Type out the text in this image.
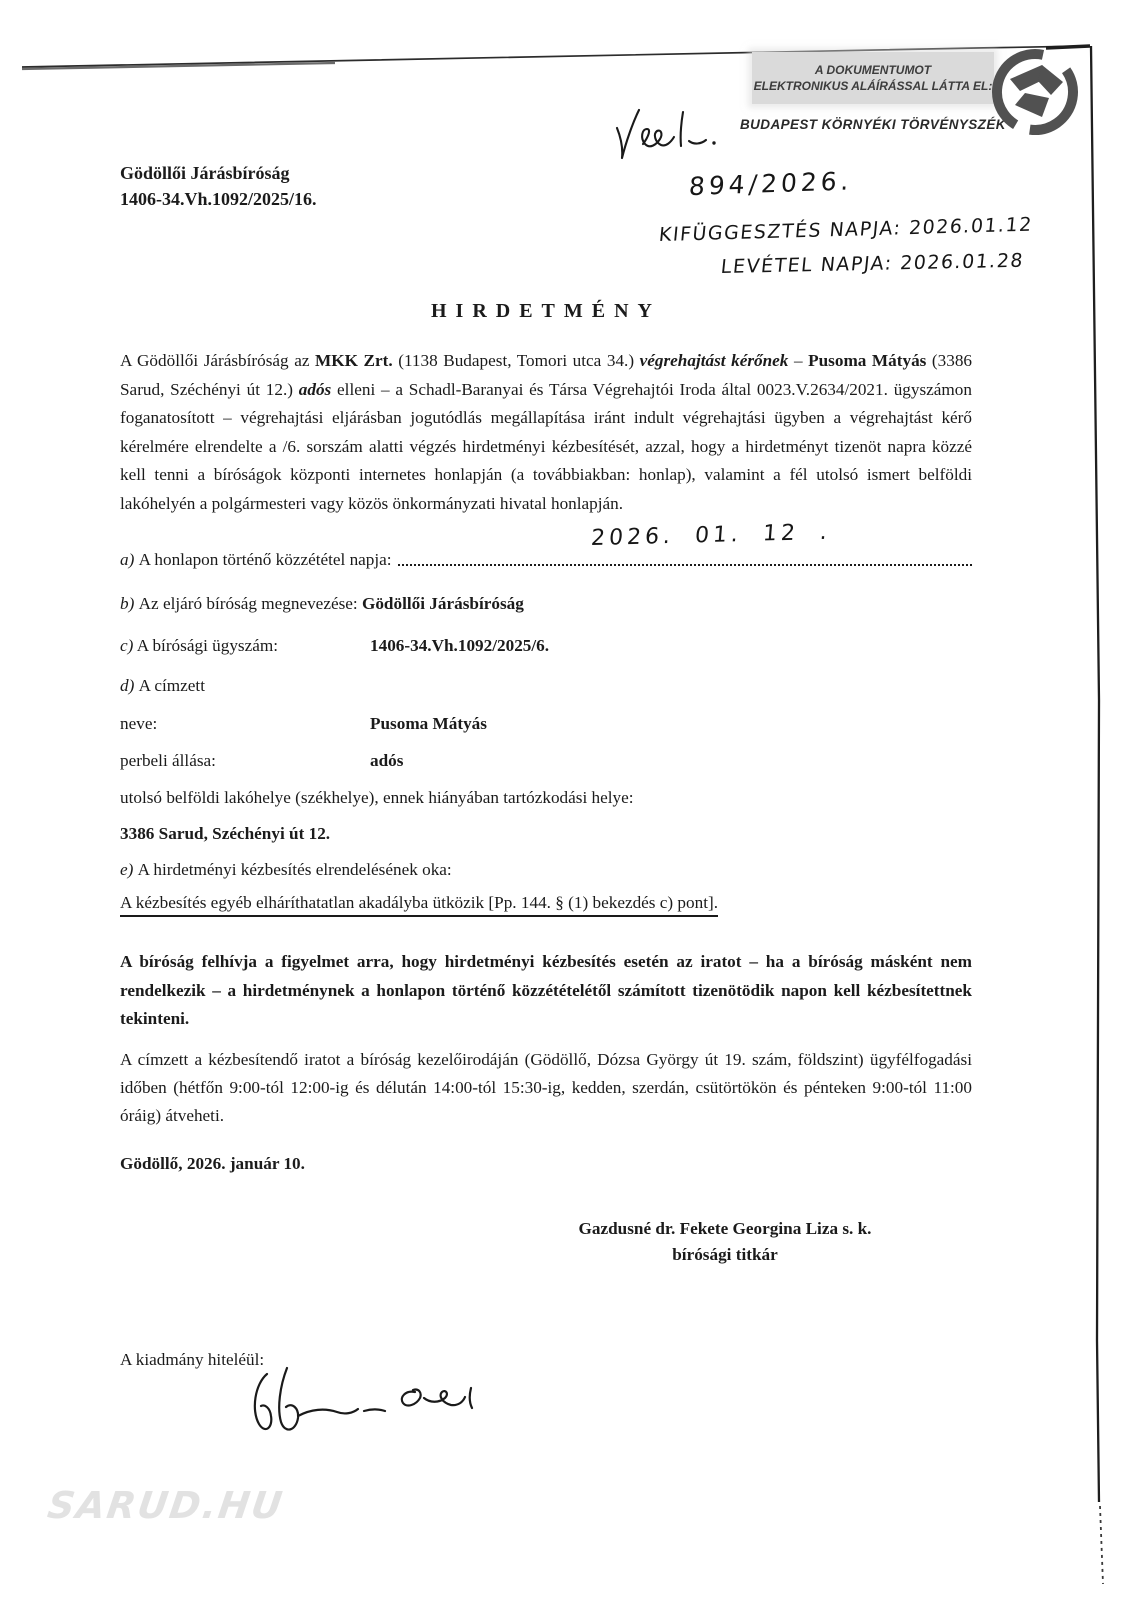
A DOKUMENTUMOT
ELEKTRONIKUS ALÁÍRÁSSAL LÁTTA EL:
BUDAPEST KÖRNYÉKI TÖRVÉNYSZÉK
Gödöllői Járásbíróság
1406-34.Vh.1092/2025/16.	894/2026.
KIFÜGGESZTÉS NAPJA: 2026.01.12
LEVÉTEL NAPJA: 2026.01.28
HIRDETMÉNY

A Gödöllői Járásbíróság az MKK Zrt. (1138 Budapest, Tomori utca 34.) végrehajtást kérőnek – Pusoma Mátyás (3386 Sarud, Széchényi út 12.) adós elleni – a Schadl-Baranyai és Társa Végrehajtói Iroda által 0023.V.2634/2021. ügyszámon foganatosított – végrehajtási eljárásban jogutódlás megállapítása iránt indult végrehajtási ügyben a végrehajtást kérő kérelmére elrendelte a /6. sorszám alatti végzés hirdetményi kézbesítését, azzal, hogy a hirdetményt tizenöt napra közzé kell tenni a bíróságok központi internetes honlapján (a továbbiakban: honlap), valamint a fél utolsó ismert belföldi lakóhelyén a polgármesteri vagy közös önkormányzati hivatal honlapján.

a) A honlapon történő közzététel napja:
2026. 01. 12 .
b) Az eljáró bíróság megnevezése: Gödöllői Járásbíróság
c) A bírósági ügyszám:	1406-34.Vh.1092/2025/6.
d) A címzett
neve:	Pusoma Mátyás
perbeli állása:	adós
utolsó belföldi lakóhelye (székhelye), ennek hiányában tartózkodási helye:
3386 Sarud, Széchényi út 12.
e) A hirdetményi kézbesítés elrendelésének oka:
A kézbesítés egyéb elháríthatatlan akadályba ütközik [Pp. 144. § (1) bekezdés c) pont].

A bíróság felhívja a figyelmet arra, hogy hirdetményi kézbesítés esetén az iratot – ha a bíróság másként nem rendelkezik – a hirdetménynek a honlapon történő közzétételétől számított tizenötödik napon kell kézbesítettnek tekinteni.

A címzett a kézbesítendő iratot a bíróság kezelőirodáján (Gödöllő, Dózsa György út 19. szám, földszint) ügyfélfogadási időben (hétfőn 9:00-tól 12:00-ig és délután 14:00-tól 15:30-ig, kedden, szerdán, csütörtökön és pénteken 9:00-tól 11:00 óráig) átveheti.

Gödöllő, 2026. január 10.
Gazdusné dr. Fekete Georgina Liza s. k.
bírósági titkár
A kiadmány hiteléül:
SARUD.HU
